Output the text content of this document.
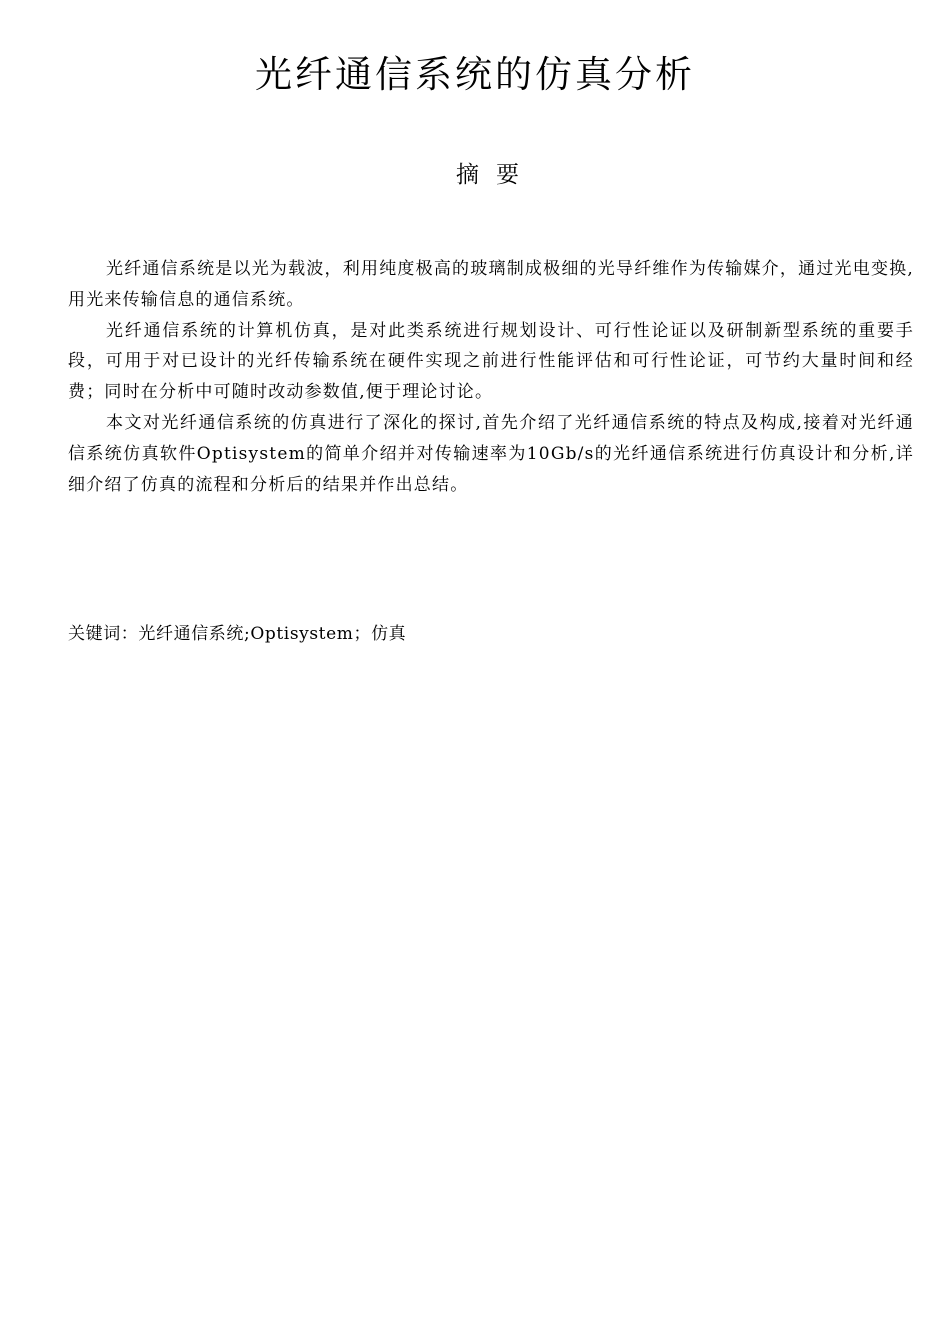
光纤通信系统的仿真分析
摘 要

光纤通信系统是以光为载波，利用纯度极高的玻璃制成极细的光导纤维作为传输媒介，通过光电变换,用光来传输信息的通信系统。

光纤通信系统的计算机仿真，是对此类系统进行规划设计、可行性论证以及研制新型系统的重要手段，可用于对已设计的光纤传输系统在硬件实现之前进行性能评估和可行性论证，可节约大量时间和经费；同时在分析中可随时改动参数值,便于理论讨论。

本文对光纤通信系统的仿真进行了深化的探讨,首先介绍了光纤通信系统的特点及构成,接着对光纤通信系统仿真软件Optisystem的简单介绍并对传输速率为10Gb/s的光纤通信系统进行仿真设计和分析,详细介绍了仿真的流程和分析后的结果并作出总结。

关键词：光纤通信系统;Optisystem；仿真
